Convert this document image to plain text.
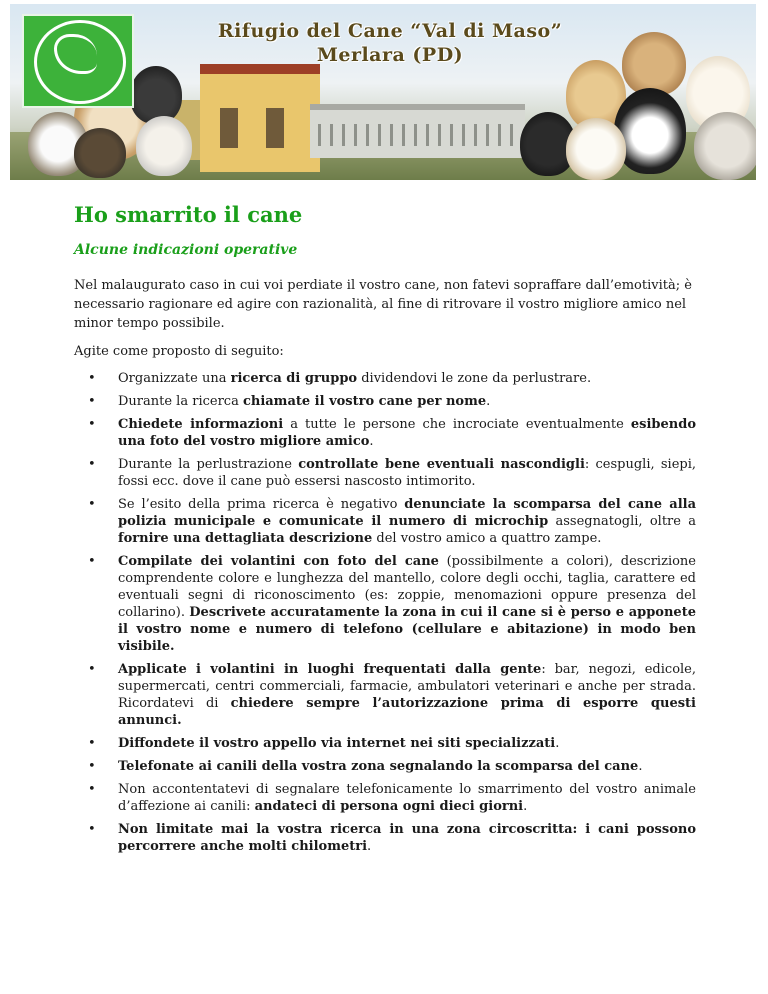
Rifugio del Cane “Val di Maso”
Merlara (PD)
Ho smarrito il cane
Alcune indicazioni operative
Nel malaugurato caso in cui voi perdiate il vostro cane, non fatevi sopraffare dall’emotività; è necessario ragionare ed agire con razionalità, al fine di ritrovare il vostro migliore amico nel minor tempo possibile.
Agite come proposto di seguito:
• Organizzate una ricerca di gruppo dividendovi le zone da perlustrare.
• Durante la ricerca chiamate il vostro cane per nome.
• Chiedete informazioni a tutte le persone che incrociate eventualmente esibendo una foto del vostro migliore amico.
• Durante la perlustrazione controllate bene eventuali nascondigli: cespugli, siepi, fossi ecc. dove il cane può essersi nascosto intimorito.
• Se l’esito della prima ricerca è negativo denunciate la scomparsa del cane alla polizia municipale e comunicate il numero di microchip assegnatogli, oltre a fornire una dettagliata descrizione del vostro amico a quattro zampe.
• Compilate dei volantini con foto del cane (possibilmente a colori), descrizione comprendente colore e lunghezza del mantello, colore degli occhi, taglia, carattere ed eventuali segni di riconoscimento (es: zoppie, menomazioni oppure presenza del collarino). Descrivete accuratamente la zona in cui il cane si è perso e apponete il vostro nome e numero di telefono (cellulare e abitazione) in modo ben visibile.
• Applicate i volantini in luoghi frequentati dalla gente: bar, negozi, edicole, supermercati, centri commerciali, farmacie, ambulatori veterinari e anche per strada. Ricordatevi di chiedere sempre l’autorizzazione prima di esporre questi annunci.
• Diffondete il vostro appello via internet nei siti specializzati.
• Telefonate ai canili della vostra zona segnalando la scomparsa del cane.
• Non accontentatevi di segnalare telefonicamente lo smarrimento del vostro animale d’affezione ai canili: andateci di persona ogni dieci giorni.
• Non limitate mai la vostra ricerca in una zona circoscritta: i cani possono percorrere anche molti chilometri.
